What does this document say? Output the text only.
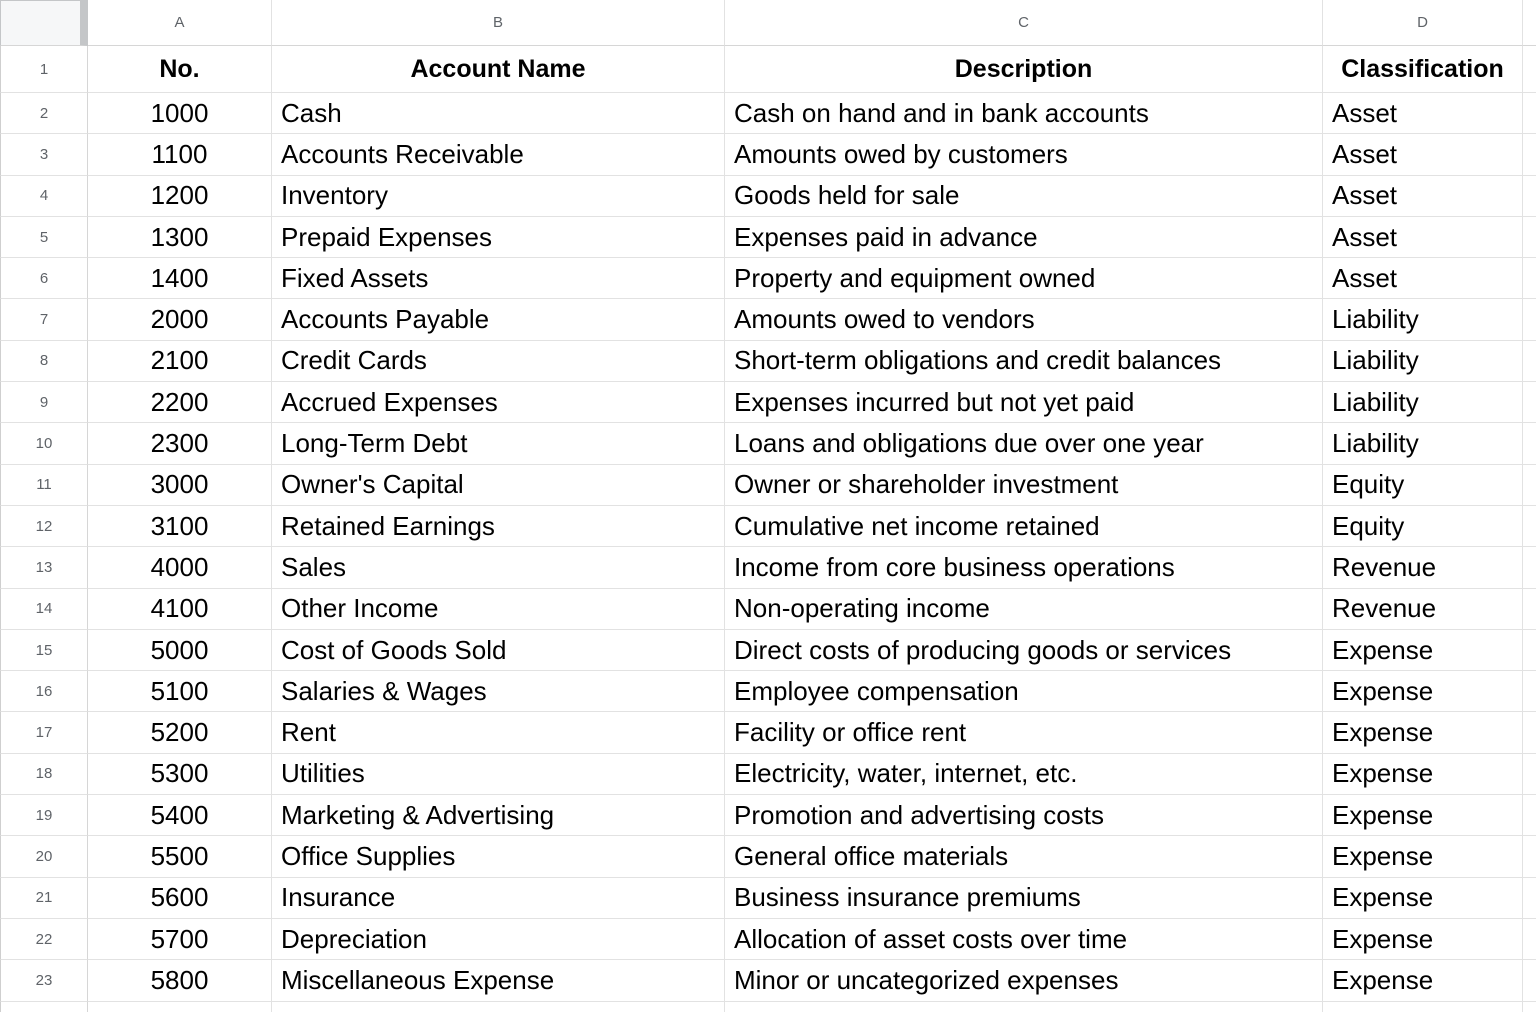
A	B	C	D
1	No.	Account Name	Description	Classification
2	1000	Cash	Cash on hand and in bank accounts	Asset
3	1100	Accounts Receivable	Amounts owed by customers	Asset
4	1200	Inventory	Goods held for sale	Asset
5	1300	Prepaid Expenses	Expenses paid in advance	Asset
6	1400	Fixed Assets	Property and equipment owned	Asset
7	2000	Accounts Payable	Amounts owed to vendors	Liability
8	2100	Credit Cards	Short-term obligations and credit balances	Liability
9	2200	Accrued Expenses	Expenses incurred but not yet paid	Liability
10	2300	Long-Term Debt	Loans and obligations due over one year	Liability
11	3000	Owner's Capital	Owner or shareholder investment	Equity
12	3100	Retained Earnings	Cumulative net income retained	Equity
13	4000	Sales	Income from core business operations	Revenue
14	4100	Other Income	Non-operating income	Revenue
15	5000	Cost of Goods Sold	Direct costs of producing goods or services	Expense
16	5100	Salaries & Wages	Employee compensation	Expense
17	5200	Rent	Facility or office rent	Expense
18	5300	Utilities	Electricity, water, internet, etc.	Expense
19	5400	Marketing & Advertising	Promotion and advertising costs	Expense
20	5500	Office Supplies	General office materials	Expense
21	5600	Insurance	Business insurance premiums	Expense
22	5700	Depreciation	Allocation of asset costs over time	Expense
23	5800	Miscellaneous Expense	Minor or uncategorized expenses	Expense
